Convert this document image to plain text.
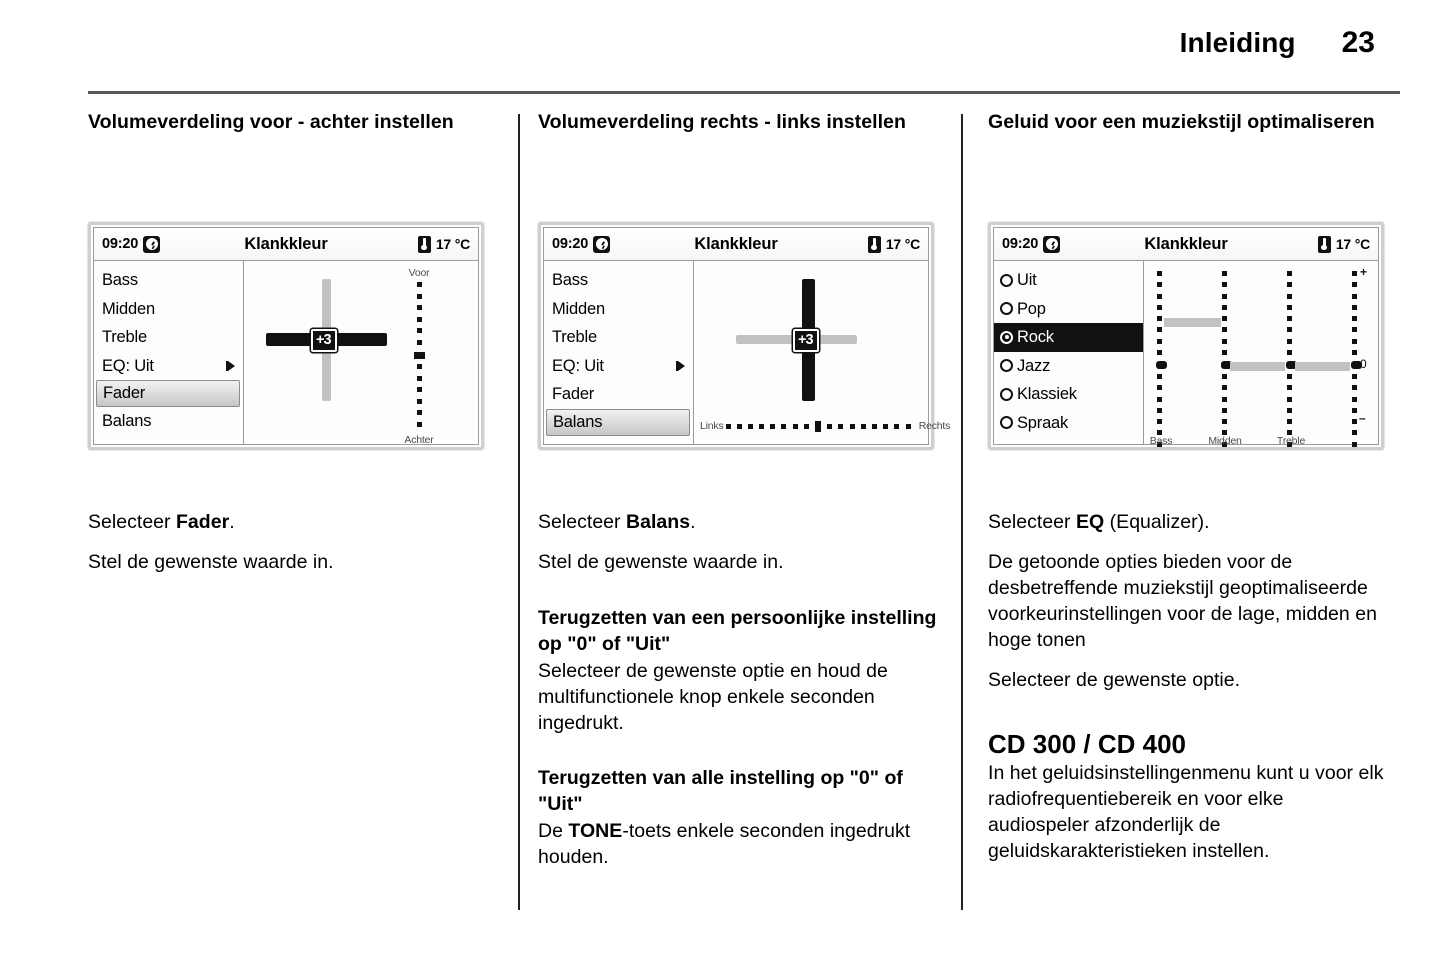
Inleiding 23
Volumeverdeling voor - achter instellen
09:20	Klankkleur	17 °C
Bass
Midden
Treble
EQ: Uit
Fader
Balans
+3
Voor
Achter

Selecteer Fader.

Stel de gewenste waarde in.

Volumeverdeling rechts - links instellen
09:20	Klankkleur	17 °C
Bass
Midden
Treble
EQ: Uit
Fader
Balans
+3
Links	Rechts

Selecteer Balans.

Stel de gewenste waarde in.

Terugzetten van een persoonlijke instelling op "0" of "Uit"

Selecteer de gewenste optie en houd de multifunctionele knop enkele seconden ingedrukt.

Terugzetten van alle instelling op "0" of "Uit"

De TONE-toets enkele seconden ingedrukt houden.

Geluid voor een muziekstijl optimaliseren
09:20	Klankkleur	17 °C
Uit
Pop
Rock
Jazz
Klassiek
Spraak
Bass	Midden	Treble
+
0
–

Selecteer EQ (Equalizer).

De getoonde opties bieden voor de desbetreffende muziekstijl geoptimaliseerde voorkeurinstellingen voor de lage, midden en hoge tonen

Selecteer de gewenste optie.

CD 300 / CD 400

In het geluidsinstellingenmenu kunt u voor elk radiofrequentiebereik en voor elke audiospeler afzonderlijk de geluidskarakteristieken instellen.
